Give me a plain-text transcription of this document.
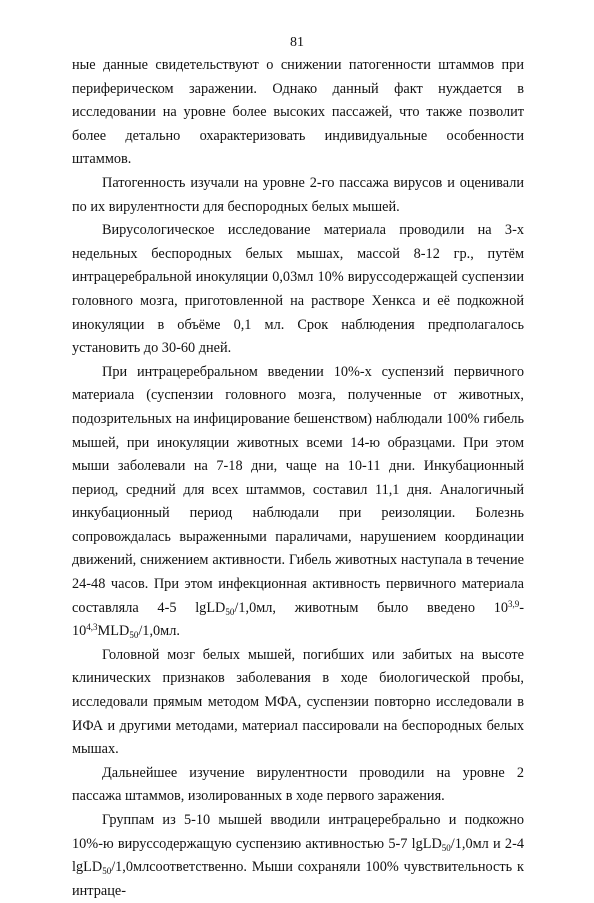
81

ные данные свидетельствуют о снижении патогенности штаммов при периферическом заражении. Однако данный факт нуждается в исследовании на уровне более высоких пассажей, что также позволит более детально охарактеризовать индивидуальные особенности штаммов.

Патогенность изучали на уровне 2-го пассажа вирусов и оценивали по их вирулентности для беспородных белых мышей.

Вирусологическое исследование материала проводили на 3-х недельных беспородных белых мышах, массой 8-12 гр., путём интрацеребральной инокуляции 0,03мл 10% вируссодержащей суспензии головного мозга, приготовленной на растворе Хенкса и её подкожной инокуляции в объёме 0,1 мл. Срок наблюдения предполагалось установить до 30-60 дней.

При интрацеребральном введении 10%-х суспензий первичного материала (суспензии головного мозга, полученные от животных, подозрительных на инфицирование бешенством) наблюдали 100% гибель мышей, при инокуляции животных всеми 14-ю образцами. При этом мыши заболевали на 7-18 дни, чаще на 10-11 дни. Инкубационный период, средний для всех штаммов, составил 11,1 дня. Аналогичный инкубационный период наблюдали при реизоляции. Болезнь сопровождалась выраженными параличами, нарушением координации движений, снижением активности. Гибель животных наступала в течение 24-48 часов. При этом инфекционная активность первичного материала составляла 4-5 lgLD$_{50}$/1,0мл, животным было введено $10^{3,9}-10^{4,3}MLD_{50}/1,0мл$.

Головной мозг белых мышей, погибших или забитых на высоте клинических признаков заболевания в ходе биологической пробы, исследовали прямым методом МФА, суспензии повторно исследовали в ИФА и другими методами, материал пассировали на беспородных белых мышах.

Дальнейшее изучение вирулентности проводили на уровне 2 пассажа штаммов, изолированных в ходе первого заражения.

Группам из 5-10 мышей вводили интрацеребрально и подкожно 10%-ю вируссодержащую суспензию активностью 5-7 lgLD$_{50}$/1,0мл и 2-4 lgLD$_{50}$/1,0млсоответственно. Мыши сохраняли 100% чувствительность к интраце-
